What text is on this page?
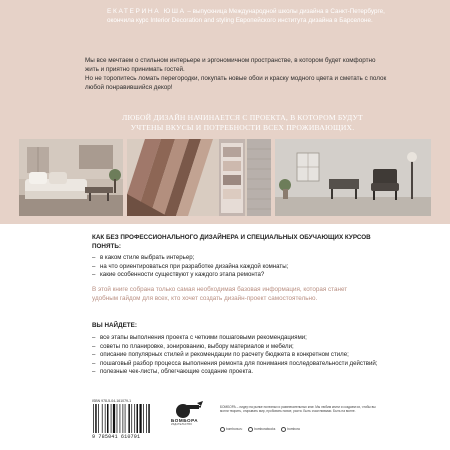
ЕКАТЕРИНА ЮША – выпускница Международной школы дизайна в Санкт-Петербурге, окончила курс Interior Decoration and styling Европейского института дизайна в Барселоне.

Мы все мечтаем о стильном интерьере и эргономичном пространстве, в котором будет комфортно жить и приятно принимать гостей.

Но не торопитесь ломать перегородки, покупать новые обои и краску модного цвета и сметать с полок любой понравившийся декор!

ЛЮБОЙ ДИЗАЙН НАЧИНАЕТСЯ С ПРОЕКТА, В КОТОРОМ БУДУТ УЧТЕНЫ ВКУСЫ И ПОТРЕБНОСТИ ВСЕХ ПРОЖИВАЮЩИХ.
КАК БЕЗ ПРОФЕССИОНАЛЬНОГО ДИЗАЙНЕРА И СПЕЦИАЛЬНЫХ ОБУЧАЮЩИХ КУРСОВ ПОНЯТЬ:
– в каком стиле выбрать интерьер;
– на что ориентироваться при разработке дизайна каждой комнаты;
– какие особенности существуют у каждого этапа ремонта?
В этой книге собрана только самая необходимая базовая информация, которая станет удобным гайдом для всех, кто хочет создать дизайн-проект самостоятельно.
ВЫ НАЙДЕТЕ:
– все этапы выполнения проекта с четкими пошаговыми рекомендациями;
– советы по планировке, зонированию, выбору материалов и мебели;
– описание популярных стилей и рекомендации по расчету бюджета в конкретном стиле;
– пошаговый разбор процесса выполнения ремонта для понимания последовательности действий;
– полезные чек-листы, облегчающие создание проекта.
ISBN 978-5-04-161079-1
9 785041 610791
БОМБОРА
ИЗДАТЕЛЬСТВО
БОМБОРА – лидер на рынке полезных и развлекательных книг. Мы любим книги и создаем их, чтобы вы могли творить, открывать мир, пробовать новое, расти. Быть счастливыми. Быть на волне.
bombora.ru	bomborabooks	bombora
